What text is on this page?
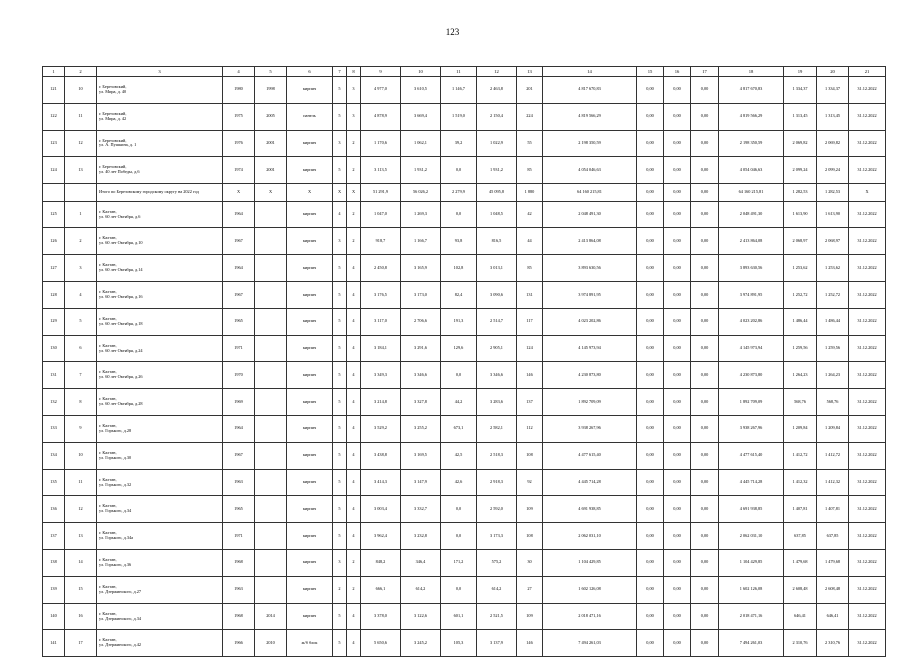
123
1	2	3	4	5	6	7	8	9	10	11	12	13	14	15	16	17	18	19	20	21
121	10	г. Березовский,
ул. Мира, д. 40	1980	1998	кирпич	5	3	4 977,0	3 610,5	1 146,7	2 463,8	201	4 817 670,83	0,00	0,00	0,00	4 817 670,83	1 334,37	1 334,37	31.12.2022
122	11	г. Березовский,
ул. Мира, д. 42	1975	2005	панель	5	3	4 878,9	3 669,4	1 519,0	2 150,4	224	4 819 566,29	0,00	0,00	0,00	4 819 566,29	1 313,45	1 313,45	31.12.2022
123	12	г. Березовский,
ул. А. Пушкина, д. 1	1976	2001	кирпич	3	2	1 170,6	1 062,1	39,2	1 022,9	55	2 198 350,59	0,00	0,00	0,00	2 198 350,59	2 069,82	2 069,82	31.12.2022
124	13	г. Березовский,
ул. 40 лет Победы, д.6	1974	2001	кирпич	5	2	3 113,5	1 931,2	0,0	1 931,2	85	4 054 046,63	0,00	0,00	0,00	4 054 046,63	2 099,24	2 099,24	31.12.2022
		Итого по Березовскому городскому округу на 2022 год	X	X	X	X	X	51 291,9	56 026,2	2 279,9	45 095,8	1 880	64 160 215,81	0,00	0,00	0,00	64 160 215,81	1 282,53	1 282,53	X
125	1	г. Калтан,
ул. 60 лет Октября, д.6	1964		кирпич	4	2	1 047,0	1 269,3	0,0	1 048,5	42	2 048 491,30	0,00	0,00	0,00	2 048 491,30	1 613,90	1 613,90	31.12.2022
126	2	г. Калтан,
ул. 60 лет Октября, д.10	1967		кирпич	3	2	918,7	1 166,7	93,8	816,5	44	2 413 864,08	0,00	0,00	0,00	2 413 864,08	2 068,97	2 068,97	31.12.2022
127	3	г. Калтан,
ул. 60 лет Октября, д.14	1964		кирпич	5	4	2 450,8	3 165,9	102,8	3 013,1	85	3 893 630,56	0,00	0,00	0,00	3 893 630,56	1 253,62	1 253,62	31.12.2022
128	4	г. Калтан,
ул. 60 лет Октября, д.16	1967		кирпич	5	4	3 176,5	3 173,0	82,4	3 090,6	131	3 974 891,95	0,00	0,00	0,00	3 974 891,95	1 252,72	1 252,72	31.12.2022
129	5	г. Калтан,
ул. 60 лет Октября, д.18	1965		кирпич	5	4	3 117,0	2 706,6	191,3	2 514,7	117	4 023 202,86	0,00	0,00	0,00	4 023 202,86	1 486,44	1 486,44	31.12.2022
130	6	г. Калтан,
ул. 60 лет Октября, д.24	1971		кирпич	5	4	3 184,1	3 291,6	129,6	2 905,1	124	4 145 973,94	0,00	0,00	0,00	4 145 973,94	1 259,56	1 259,56	31.12.2022
131	7	г. Калтан,
ул. 60 лет Октября, д.26	1970		кирпич	5	4	3 349,3	3 346,6	0,0	3 346,6	146	4 230 873,80	0,00	0,00	0,00	4 230 873,80	1 264,23	1 264,23	31.12.2022
132	8	г. Калтан,
ул. 60 лет Октября, д.28	1969		кирпич	5	4	3 214,8	3 327,8	44,2	3 283,6	137	1 892 709,09	0,00	0,00	0,00	1 892 709,09	568,76	568,76	31.12.2022
133	9	г. Калтан,
ул. Горького, д.28	1964		кирпич	5	4	3 529,2	3 255,2	673,1	2 582,1	112	3 938 267,96	0,00	0,00	0,00	3 938 267,96	1 209,84	1 209,84	31.12.2022
134	10	г. Калтан,
ул. Горького, д.30	1967		кирпич	5	4	3 438,8	3 169,5	42,5	2 518,3	108	4 477 615,40	0,00	0,00	0,00	4 477 615,40	1 412,72	1 412,72	31.12.2022
135	11	г. Калтан,
ул. Горького, д.32	1963		кирпич	5	4	3 414,3	3 147,9	42,6	2 918,3	92	4 445 714,28	0,00	0,00	0,00	4 445 714,28	1 412,32	1 412,32	31.12.2022
136	12	г. Калтан,
ул. Горького, д.34	1965		кирпич	5	4	3 003,4	3 332,7	0,0	2 592,0	109	4 691 938,85	0,00	0,00	0,00	4 691 938,85	1 407,81	1 407,81	31.12.2022
137	13	г. Калтан,
ул. Горького, д.34а	1971		кирпич	5	4	3 962,4	3 232,8	0,0	3 173,3	108	2 062 031,10	0,00	0,00	0,00	2 062 031,10	637,85	637,85	31.12.2022
138	14	г. Калтан,
ул. Горького, д.36	1968		кирпич	3	2	848,2	346,4	171,2	575,2	30	1 104 429,85	0,00	0,00	0,00	1 104 429,85	1 479,68	1 479,68	31.12.2022
139	15	г. Калтан,
ул. Дзержинского, д.27	1963		кирпич	2	2	666,1	614,2	0,0	614,2	27	1 602 126,08	0,00	0,00	0,00	1 602 126,08	2 608,48	2 608,48	31.12.2022
140	16	г. Калтан,
ул. Дзержинского, д.34	1968	2014	кирпич	5	4	3 378,0	3 122,6	601,1	2 521,5	109	2 018 471,16	0,00	0,00	0,00	2 018 471,16	646,41	646,41	31.12.2022
141	17	г. Калтан,
ул. Дзержинского, д.42	1966	2010	ж/б блок	5	4	5 650,6	3 245,2	105,3	3 137,9	146	7 494 261,03	0,00	0,00	0,00	7 494 261,03	2 310,76	2 310,76	31.12.2022
